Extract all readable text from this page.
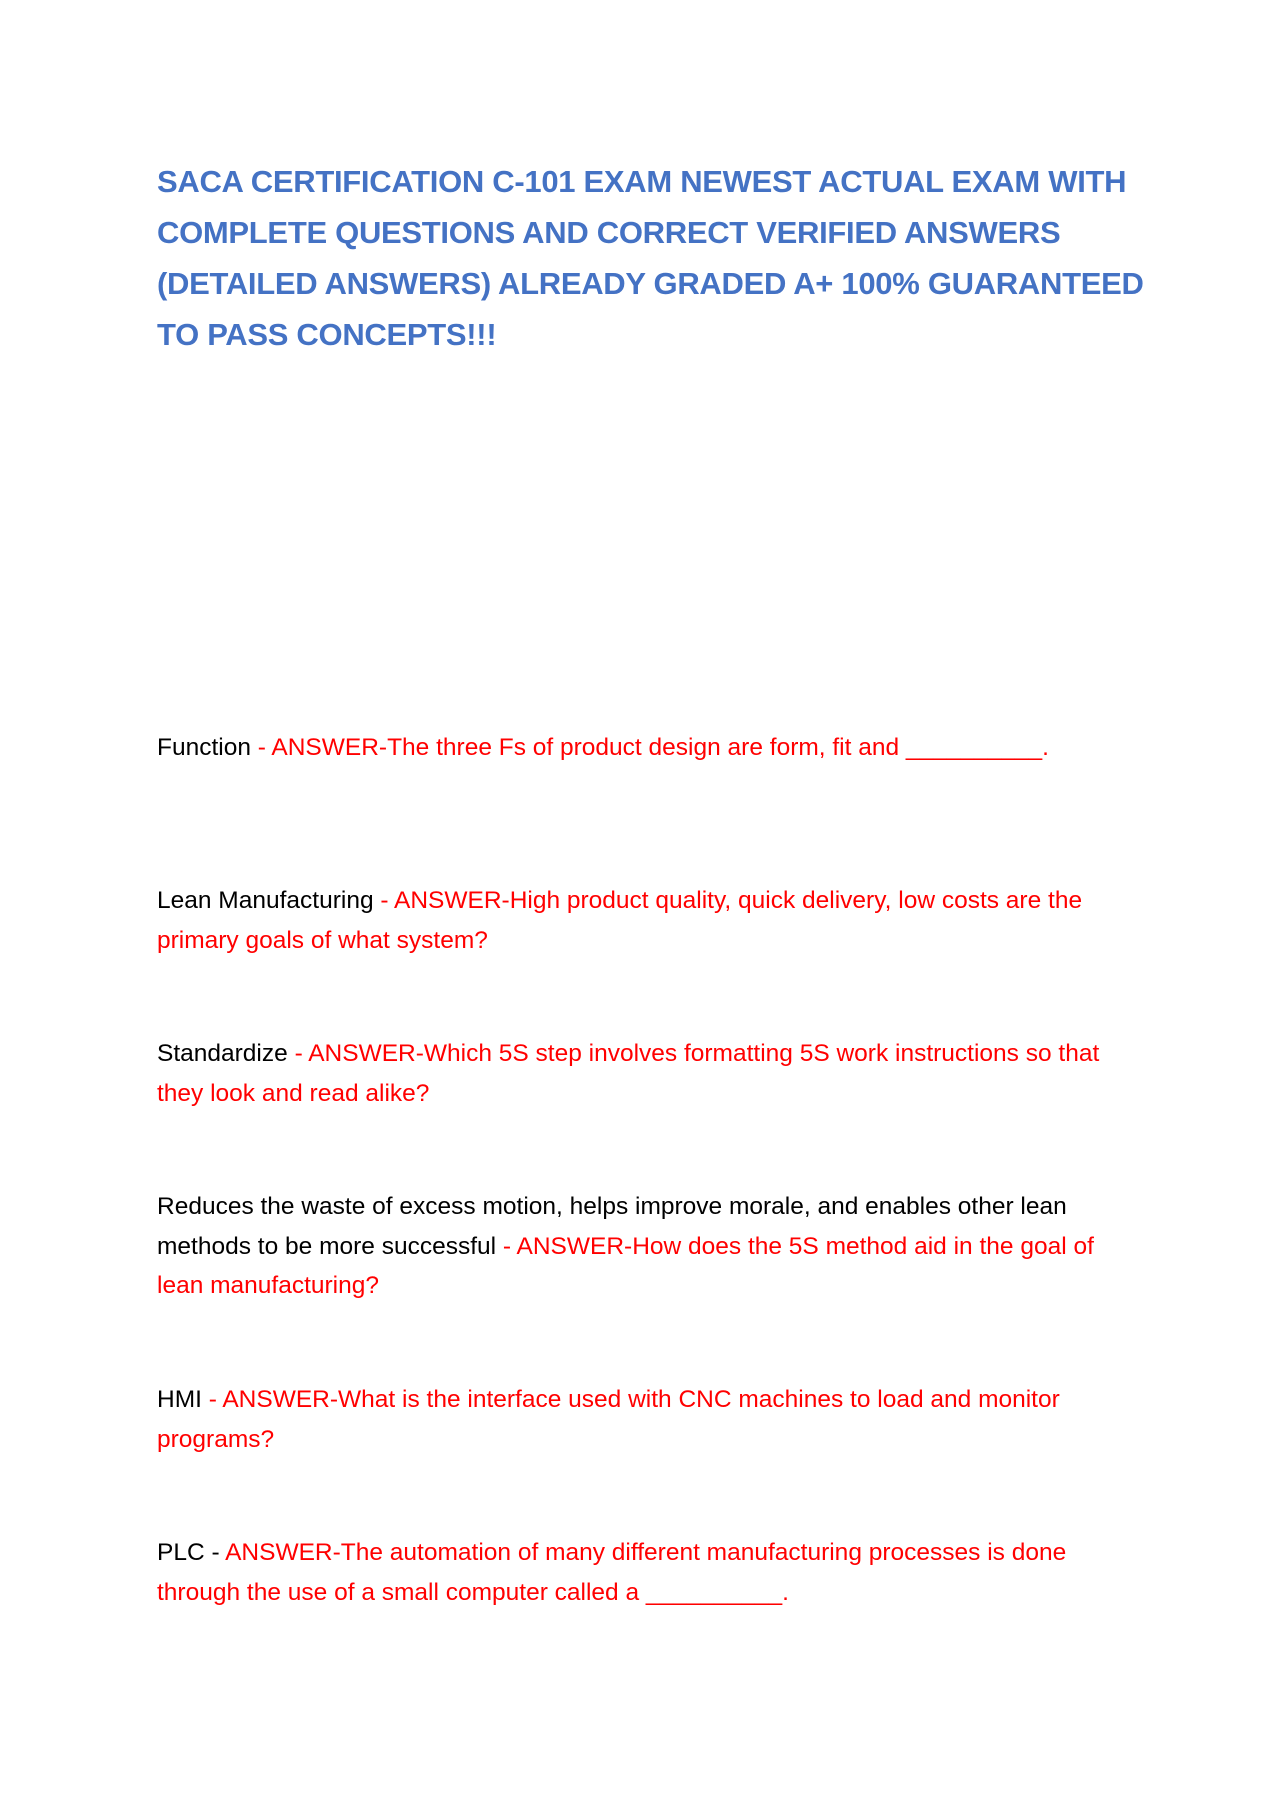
SACA CERTIFICATION C-101 EXAM NEWEST ACTUAL EXAM WITH COMPLETE QUESTIONS AND CORRECT VERIFIED ANSWERS (DETAILED ANSWERS) ALREADY GRADED A+ 100% GUARANTEED TO PASS CONCEPTS!!!

Function - ANSWER-The three Fs of product design are form, fit and __________.

Lean Manufacturing - ANSWER-High product quality, quick delivery, low costs are the primary goals of what system?

Standardize - ANSWER-Which 5S step involves formatting 5S work instructions so that they look and read alike?

Reduces the waste of excess motion, helps improve morale, and enables other lean methods to be more successful - ANSWER-How does the 5S method aid in the goal of lean manufacturing?

HMI - ANSWER-What is the interface used with CNC machines to load and monitor programs?

PLC - ANSWER-The automation of many different manufacturing processes is done through the use of a small computer called a __________.
